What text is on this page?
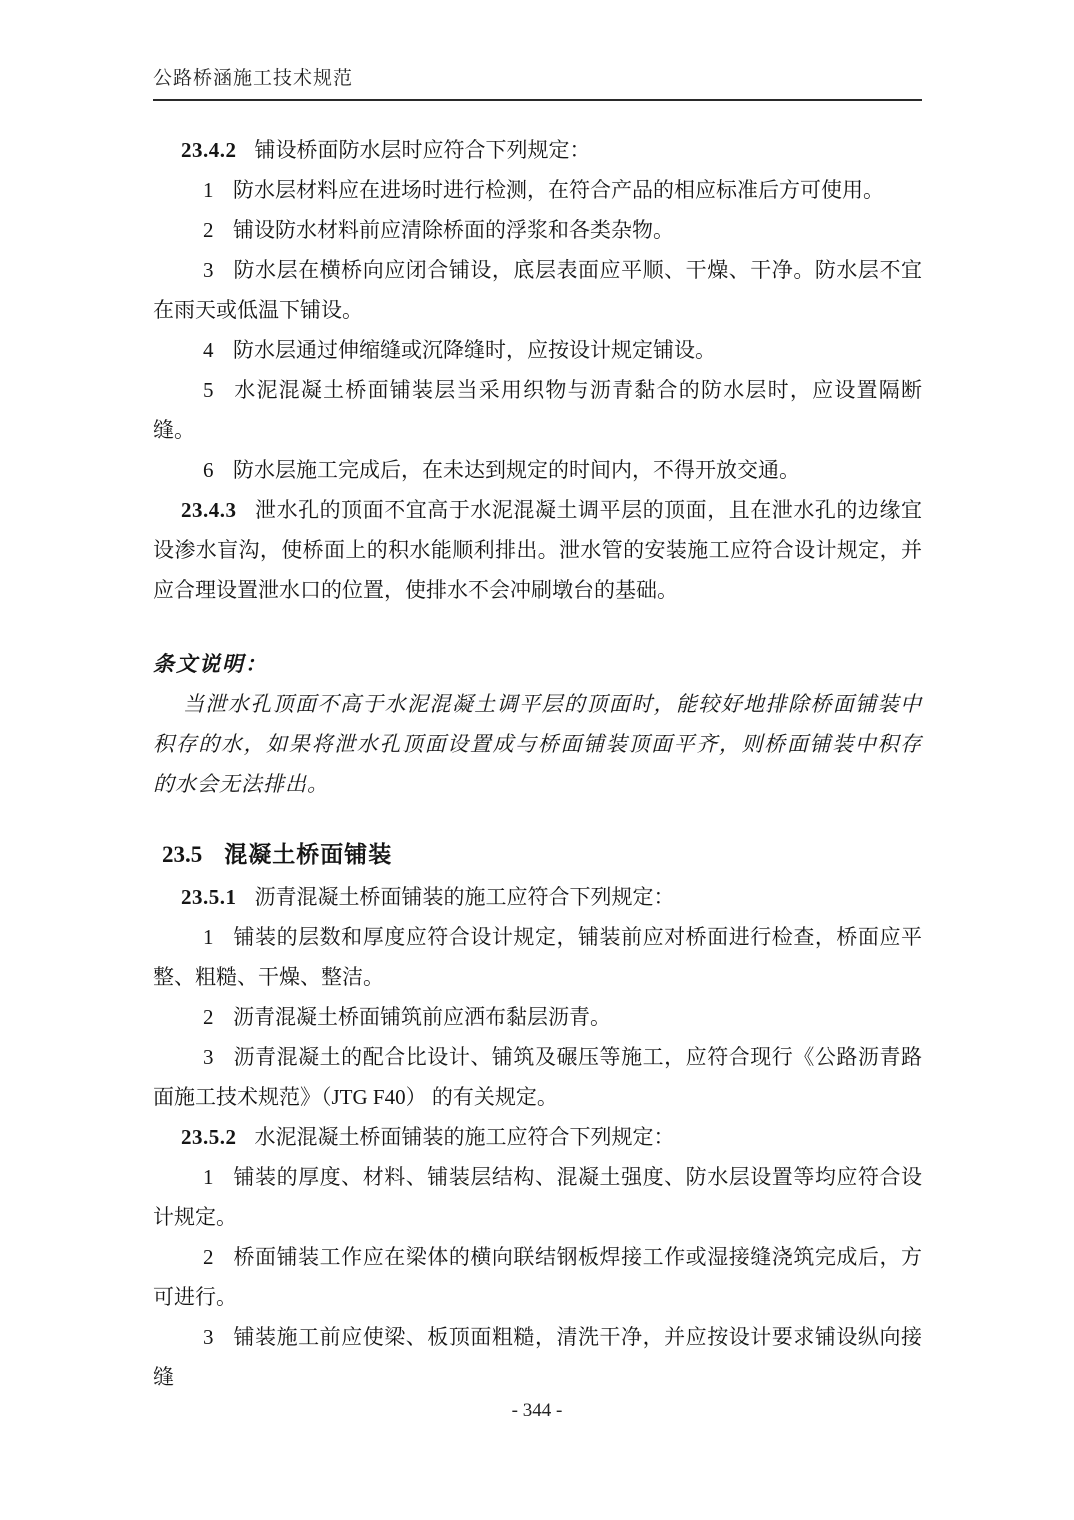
公路桥涵施工技术规范

23.4.2 铺设桥面防水层时应符合下列规定：

1 防水层材料应在进场时进行检测，在符合产品的相应标准后方可使用。

2 铺设防水材料前应清除桥面的浮浆和各类杂物。

3 防水层在横桥向应闭合铺设，底层表面应平顺、干燥、干净。防水层不宜在雨天或低温下铺设。

4 防水层通过伸缩缝或沉降缝时，应按设计规定铺设。

5 水泥混凝土桥面铺装层当采用织物与沥青黏合的防水层时，应设置隔断缝。

6 防水层施工完成后，在未达到规定的时间内，不得开放交通。

23.4.3 泄水孔的顶面不宜高于水泥混凝土调平层的顶面，且在泄水孔的边缘宜设渗水盲沟，使桥面上的积水能顺利排出。泄水管的安装施工应符合设计规定，并应合理设置泄水口的位置，使排水不会冲刷墩台的基础。

条文说明：

当泄水孔顶面不高于水泥混凝土调平层的顶面时，能较好地排除桥面铺装中积存的水，如果将泄水孔顶面设置成与桥面铺装顶面平齐，则桥面铺装中积存的水会无法排出。

23.5 混凝土桥面铺装

23.5.1 沥青混凝土桥面铺装的施工应符合下列规定：

1 铺装的层数和厚度应符合设计规定，铺装前应对桥面进行检查，桥面应平整、粗糙、干燥、整洁。

2 沥青混凝土桥面铺筑前应洒布黏层沥青。

3 沥青混凝土的配合比设计、铺筑及碾压等施工，应符合现行《公路沥青路面施工技术规范》（JTG F40） 的有关规定。

23.5.2 水泥混凝土桥面铺装的施工应符合下列规定：

1 铺装的厚度、材料、铺装层结构、混凝土强度、防水层设置等均应符合设计规定。

2 桥面铺装工作应在梁体的横向联结钢板焊接工作或湿接缝浇筑完成后，方可进行。

3 铺装施工前应使梁、板顶面粗糙，清洗干净，并应按设计要求铺设纵向接缝

- 344 -
